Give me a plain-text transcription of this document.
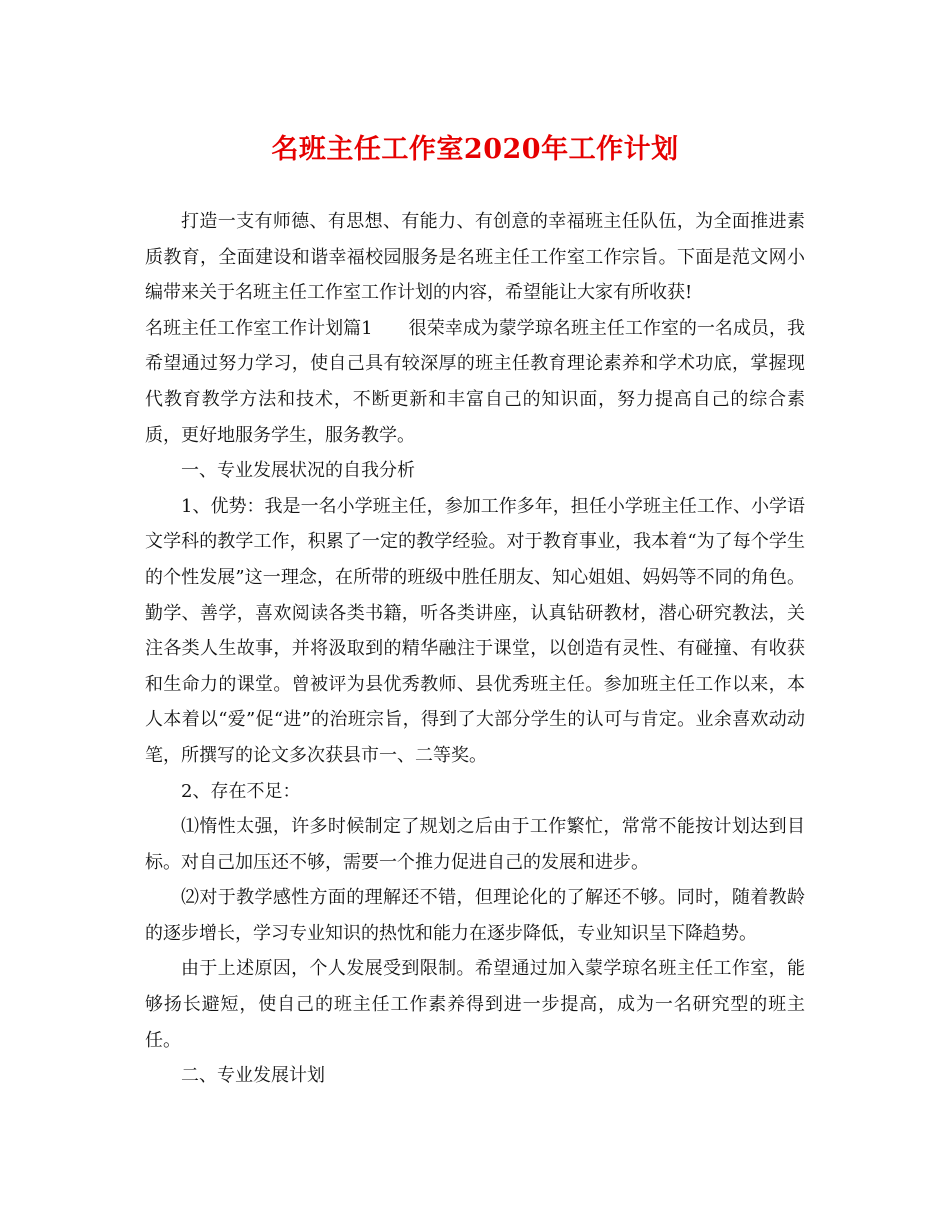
名班主任工作室2020年工作计划

打造一支有师德、有思想、有能力、有创意的幸福班主任队伍，为全面推进素质教育，全面建设和谐幸福校园服务是名班主任工作室工作宗旨。下面是范文网小编带来关于名班主任工作室工作计划的内容，希望能让大家有所收获!

名班主任工作室工作计划篇1　　很荣幸成为蒙学琼名班主任工作室的一名成员，我希望通过努力学习，使自己具有较深厚的班主任教育理论素养和学术功底，掌握现代教育教学方法和技术，不断更新和丰富自己的知识面，努力提高自己的综合素质，更好地服务学生，服务教学。

一、专业发展状况的自我分析

1、优势：我是一名小学班主任，参加工作多年，担任小学班主任工作、小学语文学科的教学工作，积累了一定的教学经验。对于教育事业，我本着“为了每个学生的个性发展”这一理念，在所带的班级中胜任朋友、知心姐姐、妈妈等不同的角色。勤学、善学，喜欢阅读各类书籍，听各类讲座，认真钻研教材，潜心研究教法，关注各类人生故事，并将汲取到的精华融注于课堂，以创造有灵性、有碰撞、有收获和生命力的课堂。曾被评为县优秀教师、县优秀班主任。参加班主任工作以来，本人本着以“爱”促“进”的治班宗旨，得到了大部分学生的认可与肯定。业余喜欢动动笔，所撰写的论文多次获县市一、二等奖。

2、存在不足：

⑴惰性太强，许多时候制定了规划之后由于工作繁忙，常常不能按计划达到目标。对自己加压还不够，需要一个推力促进自己的发展和进步。

⑵对于教学感性方面的理解还不错，但理论化的了解还不够。同时，随着教龄的逐步增长，学习专业知识的热忱和能力在逐步降低，专业知识呈下降趋势。

由于上述原因，个人发展受到限制。希望通过加入蒙学琼名班主任工作室，能够扬长避短，使自己的班主任工作素养得到进一步提高，成为一名研究型的班主任。

二、专业发展计划
